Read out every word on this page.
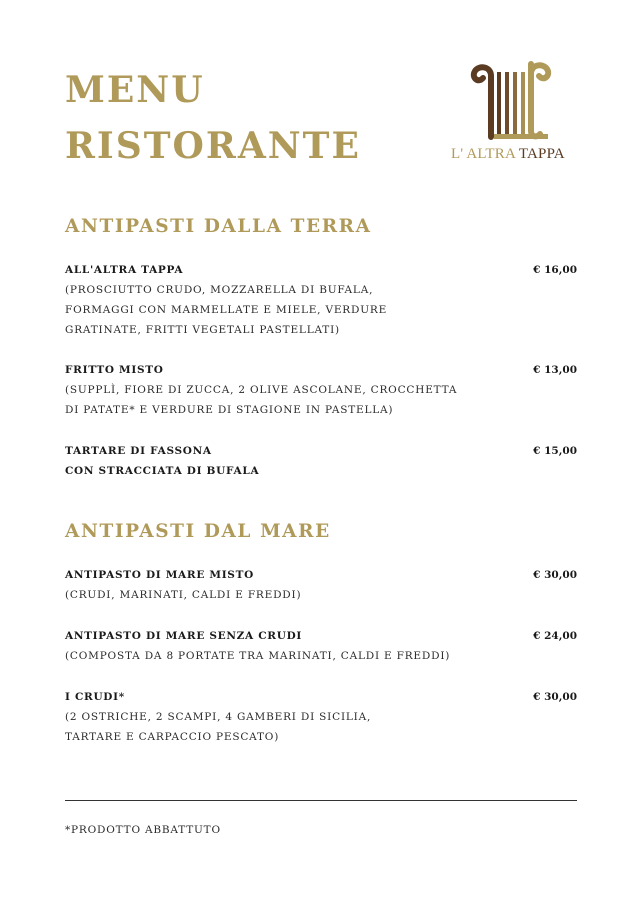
MENU
RISTORANTE	L' ALTRA TAPPA
ANTIPASTI DALLA TERRA
ALL'ALTRA TAPPA
(PROSCIUTTO CRUDO, MOZZARELLA DI BUFALA,
FORMAGGI CON MARMELLATE E MIELE, VERDURE
GRATINATE, FRITTI VEGETALI PASTELLATI)
€ 16,00
FRITTO MISTO
(SUPPLÌ, FIORE DI ZUCCA, 2 OLIVE ASCOLANE, CROCCHETTA
DI PATATE* E VERDURE DI STAGIONE IN PASTELLA)
€ 13,00
TARTARE DI FASSONA
CON STRACCIATA DI BUFALA
€ 15,00
ANTIPASTI DAL MARE
ANTIPASTO DI MARE MISTO
(CRUDI, MARINATI, CALDI E FREDDI)
€ 30,00
ANTIPASTO DI MARE SENZA CRUDI
(COMPOSTA DA 8 PORTATE TRA MARINATI, CALDI E FREDDI)
€ 24,00
I CRUDI*
(2 OSTRICHE, 2 SCAMPI, 4 GAMBERI DI SICILIA,
TARTARE E CARPACCIO PESCATO)
€ 30,00
*PRODOTTO ABBATTUTO
